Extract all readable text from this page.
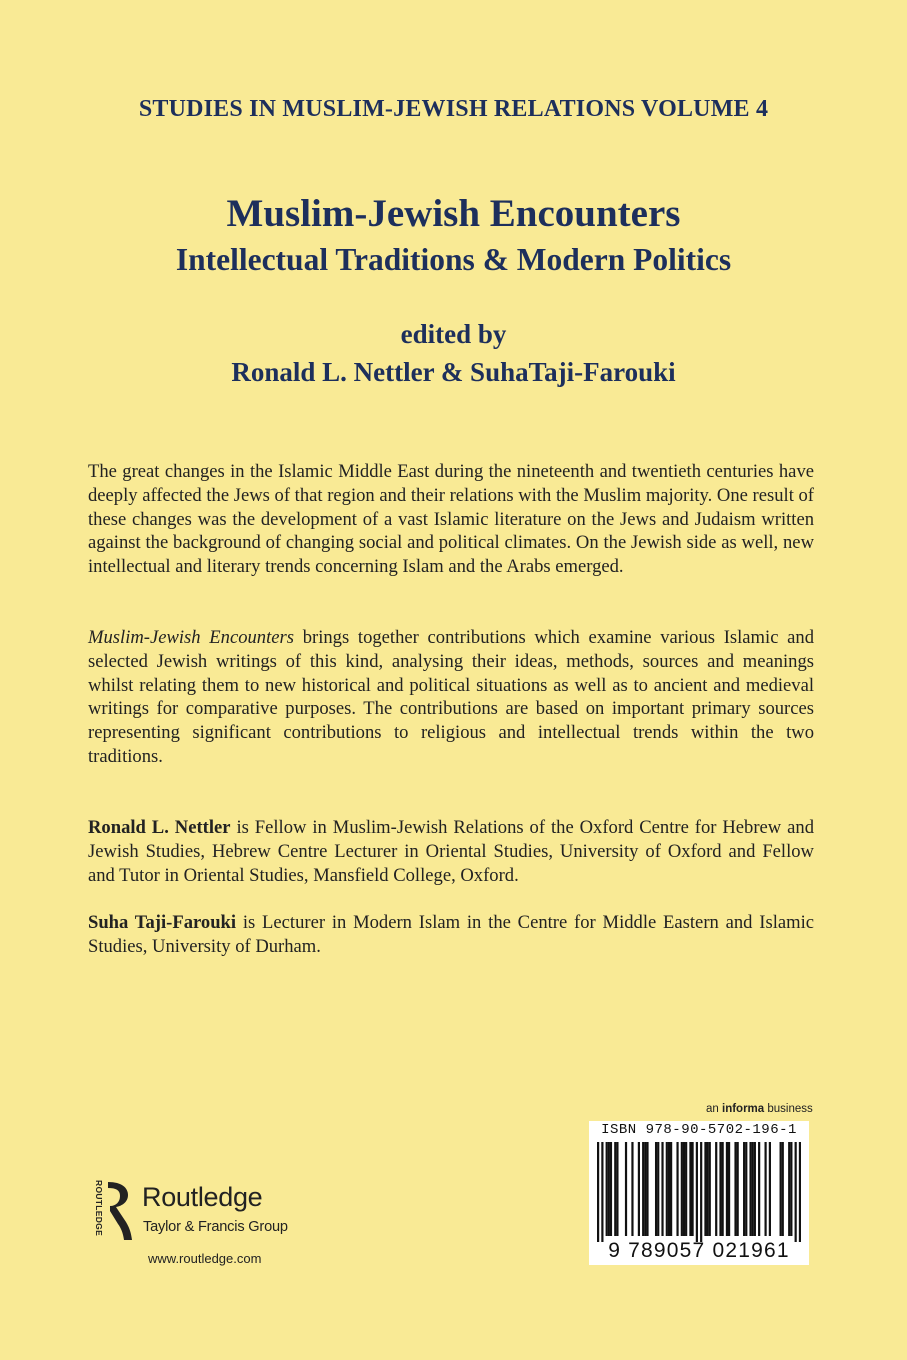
STUDIES IN MUSLIM-JEWISH RELATIONS VOLUME 4
Muslim-Jewish Encounters
Intellectual Traditions & Modern Politics
edited by
Ronald L. Nettler & SuhaTaji-Farouki

The great changes in the Islamic Middle East during the nineteenth and twentieth centuries have deeply affected the Jews of that region and their relations with the Muslim majority. One result of these changes was the development of a vast Islamic literature on the Jews and Judaism written against the background of changing social and political climates. On the Jewish side as well, new intellectual and literary trends concerning Islam and the Arabs emerged.

Muslim-Jewish Encounters brings together contributions which examine various Islamic and selected Jewish writings of this kind, analysing their ideas, methods, sources and meanings whilst relating them to new historical and political situations as well as to ancient and medieval writings for comparative purposes. The contributions are based on important primary sources representing significant contributions to religious and intellectual trends within the two traditions.

Ronald L. Nettler is Fellow in Muslim-Jewish Relations of the Oxford Centre for Hebrew and Jewish Studies, Hebrew Centre Lecturer in Oriental Studies, University of Oxford and Fellow and Tutor in Oriental Studies, Mansfield College, Oxford.

Suha Taji-Farouki is Lecturer in Modern Islam in the Centre for Middle Eastern and Islamic Studies, University of Durham.

ROUTLEDGE Routledge
Taylor & Francis Group
www.routledge.com
an informa business
ISBN 978-90-5702-196-1
9 789057 021961
